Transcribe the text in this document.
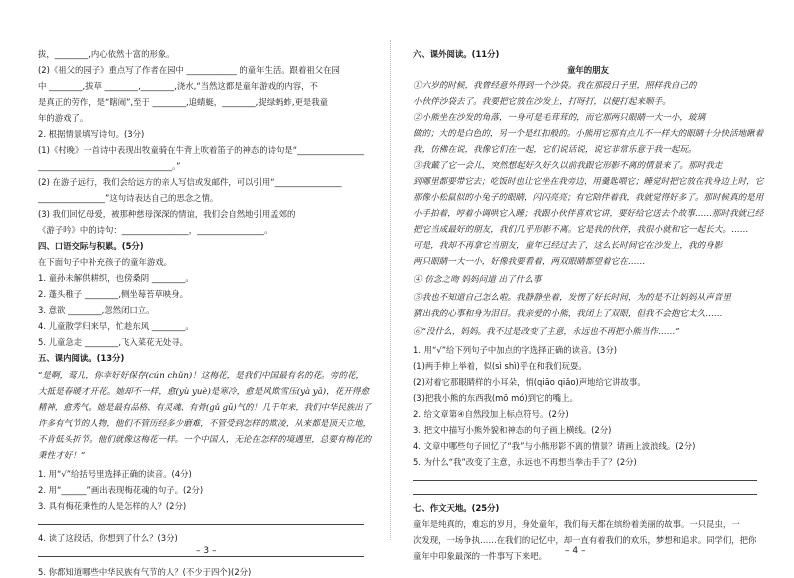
拔，________,内心依然十富的形象。
(2)《祖父的园子》重点写了作者在园中 ____________ 的童年生活。跟着祖父在园
中 ________,拔草 ________,________,浇水,“当然这都是童年游戏的内容，不
是真正的劳作，是“瞎闹”,至于 ________,追蜻蜓，________,捉绿蚂蚱,更是我童
年的游戏了。
2. 根据情景填写诗句。(3分)
(1)《村晚》一首诗中表现出牧童骑在牛背上吹着笛子的神态的诗句是“________________
________________________________。”
(2) 在游子远行，我们会给远方的亲人写信或发邮件，可以引用“________________
________________”这句诗表达自己的思念之情。
(3) 我们回忆母爱，被那种慈母深深的情谊，我们会自然地引用孟郊的
《游子吟》中的诗句：________________，________________。
四、口语交际与积累。(5分)
在下面句子中补充孩子的童年游戏。
1. 童孙未解供耕织，也傍桑阴 ________。
2. 蓬头稚子 ________,侧坐莓苔草映身。
3. 意欲 ________,忽然闭口立。
4. 儿童散学归来早，忙趁东风 ________。
5. 儿童急走 ________,飞入菜花无处寻。
五、课内阅读。(13分)
“是啊，莺儿，你幸好好保存(cún chǔn)！这梅花，是我们中国最有名的花。旁的花，
大抵是春暖才开花。她却不一样，愈(yù yuè)是寒冷，愈是风欺雪压(yà yā)，花开得愈
精神，愈秀气。她是最有品格、有灵魂、有骨(gǔ gū)气的！几千年来，我们中华民族出了
许多有气节的人物，他们不管历经多少磨难，不管受到怎样的欺凌，从来都是顶天立地，
不肯低头折节。他们就像这梅花一样。一个中国人，无论在怎样的境遇里，总要有梅花的
秉性才好！”
1. 用“√”给括号里选择正确的读音。(4分)
2. 用“______”画出表现梅花魂的句子。(2分)
3. 具有梅花秉性的人是怎样的人？(2分)
4. 读了这段话，你想到了什么？(3分)
5. 你都知道哪些中华民族有气节的人？(不少于四个)(2分)
– 3 –
六、课外阅读。(11分)
童年的朋友
①六岁的时候，我曾经意外得到一个沙袋。我在那段日子里，照样我自己的
小伙伴沙袋去了。我要把它放在沙发上，打呀打，以便打起来顺手。
②小熊坐在沙发的角落，一身可是毛茸茸的，而它那两只眼睛一大一小，玻璃
做的；大的是白色的，另一个是红扣般的。小熊用它那有点儿不一样大的眼睛十分快活地瞅着
我，仿佛在说，我像它们在一起，它们说话说，说它非常乐意于我一起玩。
③我戴了它一会儿，突然想起好久好久以前我跟它形影不离的情景来了。那时我走
到哪里都要带它去；吃饭时也让它坐在我旁边，用羹匙喂它；睡觉时把它放在我身边上时，它
那像小松鼠似的小兔子的眼睛，闪闪亮亮；有它陪伴着我，我就觉得好多了。那时候真的是用
小手拍着，哼着小调哄它入睡；我跟小伙伴喜欢它讲，要好给它送去个故事……那时我就已经
把它当成最好的朋友，我们几乎形影不离。它是我的伙伴，我很小就和它一起长大。……
可是，我却不再拿它当朋友，童年已经过去了，这么长时间它在沙发上，我的身影
两只眼睛一大一小，好像我要看着，两双眼睛都望着它在……
④ 仿念之吻 妈妈问道 出了什么事
⑤我也不知道自己怎么啦。我静静坐着，发愣了好长时间，为的是不让妈妈从声音里
猜出我的心事和身为泪目。我亲爱的小熊，我闭上了双眼，但我不会抱它太久……
⑥“没什么，妈妈。我不过是改变了主意，永远也不再把小熊当作……”
1. 用“√”给下列句子中加点的字选择正确的读音。(3分)
(1)两手伸上举着，似(sì shì)乎在和我们玩耍。
(2)对着它那眼睛样的小耳朵，悄(qiāo qiǎo)声地给它讲故事。
(3)把我小熊的东西我(mō mó)到它的嘴上。
2. 给文章第④自然段加上标点符号。(2分)
3. 把文中描写小熊外貌和神态的句子画上横线。(2分)
4. 文章中哪些句子回忆了“我”与小熊形影不离的情景？请画上波浪线。(2分)
5. 为什么“我”改变了主意，永远也不再想当拳击手了？(2分)
七、作文天地。(25分)
童年是纯真的，难忘的岁月，身处童年，我们每天都在缤纷着美丽的故事。一只昆虫，一
次发现，一场争执……在我们的记忆中，却一直有着我们的欢乐，梦想和追求。同学们，把你
童年中印象最深的一件事写下来吧。 – 4 –
